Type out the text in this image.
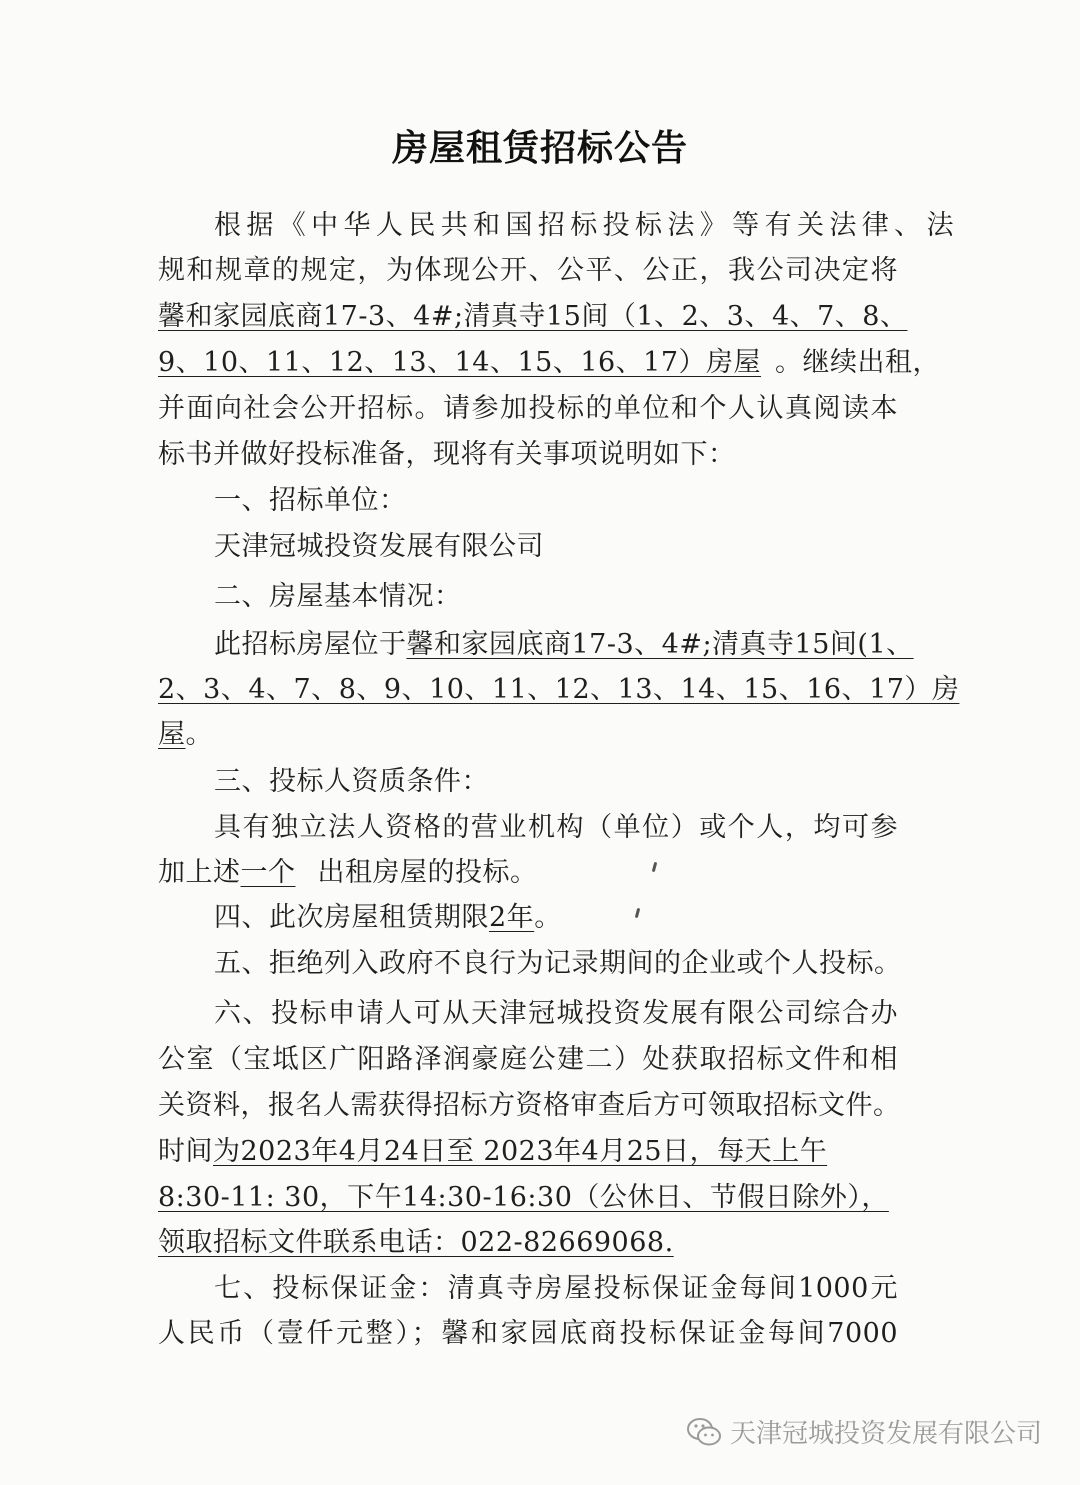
房屋租赁招标公告
根据《中华人民共和国招标投标法》等有关法律、法
规和规章的规定，为体现公开、公平、公正，我公司决定将
馨和家园底商17-3、4#;清真寺15间（1、2、3、4、7、8、
9、10、11、12、13、14、15、16、17）房屋 。继续出租，
并面向社会公开招标。请参加投标的单位和个人认真阅读本
标书并做好投标准备，现将有关事项说明如下：
一、招标单位：
天津冠城投资发展有限公司
二、房屋基本情况：
此招标房屋位于馨和家园底商17-3、4#;清真寺15间(1、
2、3、4、7、8、9、10、11、12、13、14、15、16、17）房
屋。
三、投标人资质条件：
具有独立法人资格的营业机构（单位）或个人，均可参
加上述一个 出租房屋的投标。
四、此次房屋租赁期限2年。
五、拒绝列入政府不良行为记录期间的企业或个人投标。
六、投标申请人可从天津冠城投资发展有限公司综合办
公室（宝坻区广阳路泽润豪庭公建二）处获取招标文件和相
关资料，报名人需获得招标方资格审查后方可领取招标文件。
时间为2023年4月24日至 2023年4月25日，每天上午
8:30-11: 30，下午14:30-16:30（公休日、节假日除外），
领取招标文件联系电话：022-82669068.
七、投标保证金：清真寺房屋投标保证金每间1000元
人民币（壹仟元整）；馨和家园底商投标保证金每间7000
天津冠城投资发展有限公司
